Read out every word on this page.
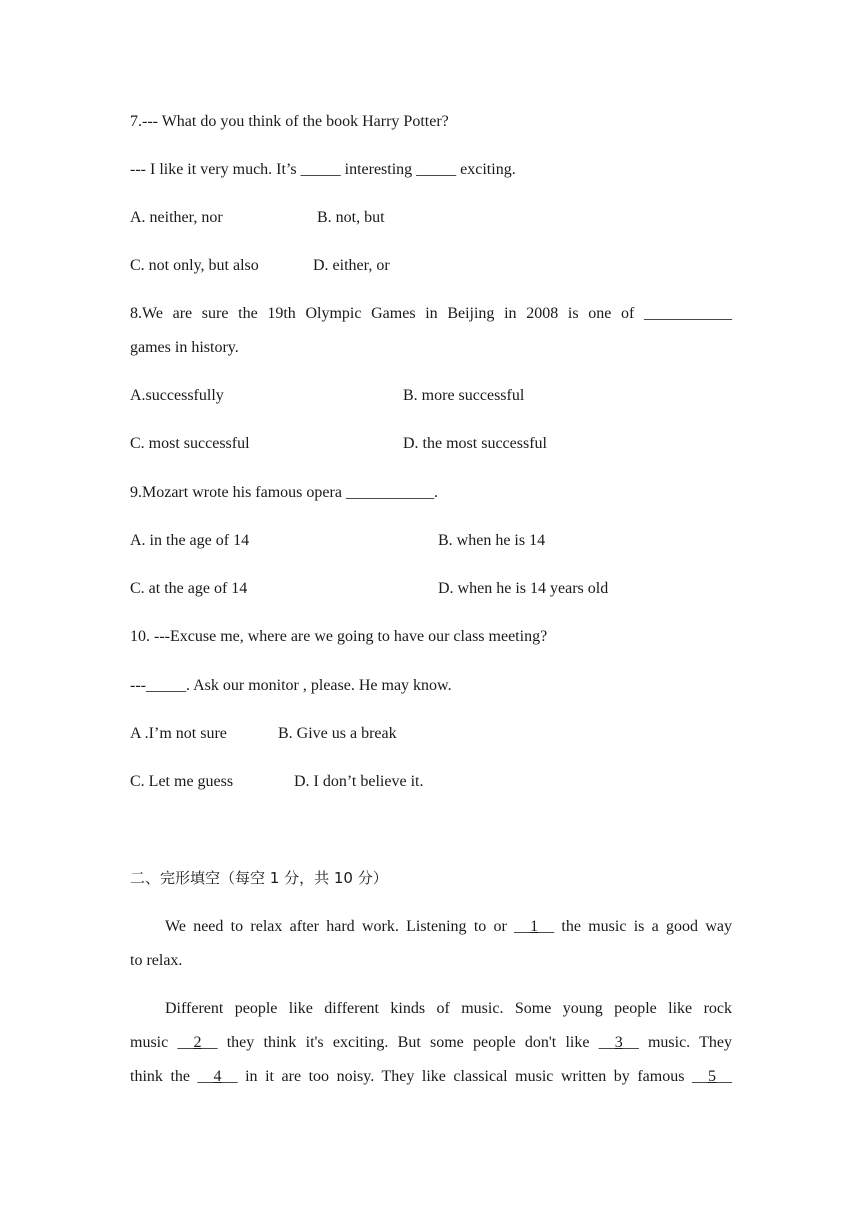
7.--- What do you think of the book Harry Potter?
--- I like it very much. It’s _____ interesting _____ exciting.
A. neither, nor	B. not, but
C. not only, but also	D. either, or
8.We are sure the 19th Olympic Games in Beijing in 2008 is one of ___________
games in history.
A.successfully	B. more successful
C. most successful	D. the most successful
9.Mozart wrote his famous opera ___________.
A. in the age of 14	B. when he is 14
C. at the age of 14	D. when he is 14 years old
10. ---Excuse me, where are we going to have our class meeting?
---_____. Ask our monitor , please. He may know.
A .I’m not sure	B. Give us a break
C. Let me guess	D. I don’t believe it.
二、完形填空（每空 1 分，共 10 分）
We need to relax after hard work. Listening to or __1__ the music is a good way
to relax.
Different people like different kinds of music. Some young people like rock
music __2__ they think it's exciting. But some people don't like __3__ music. They
think the __4__ in it are too noisy. They like classical music written by famous __5__
